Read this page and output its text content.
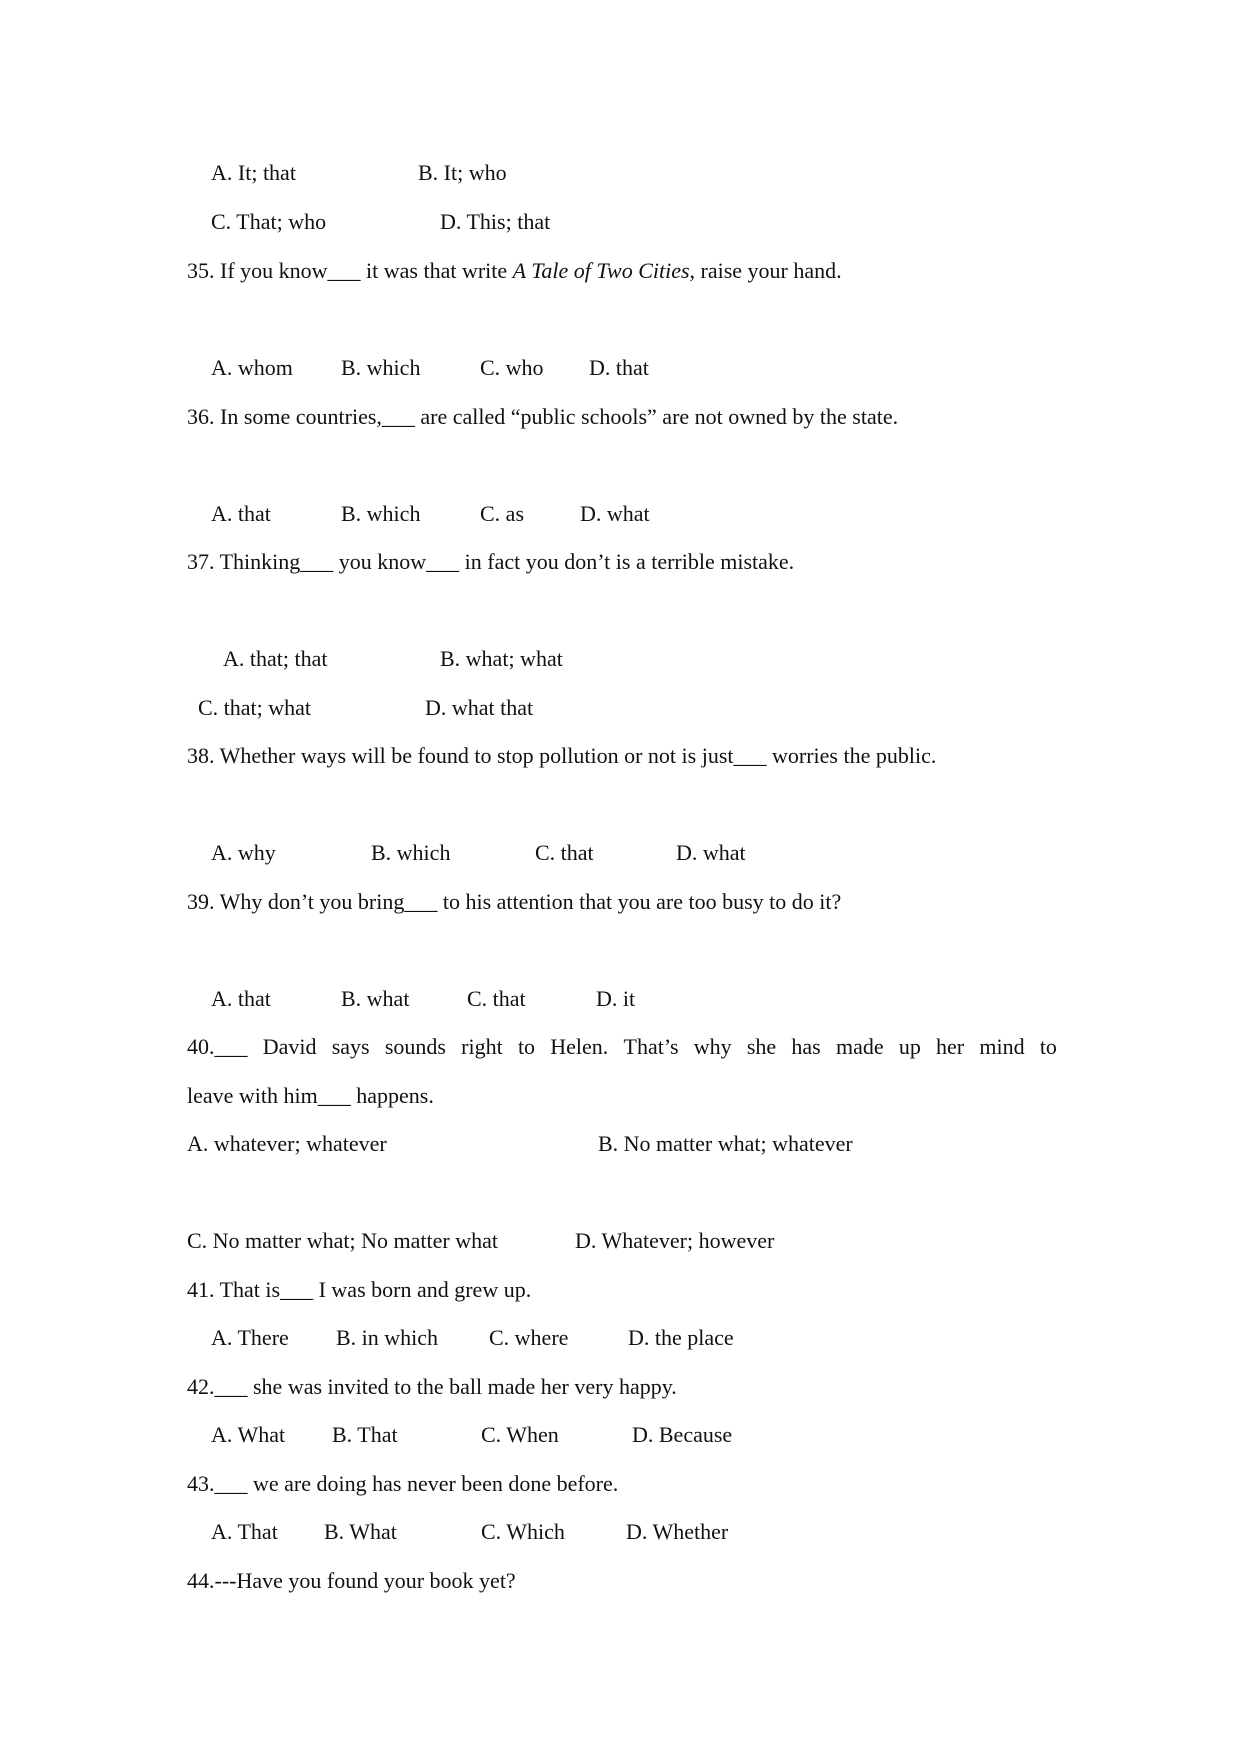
A. It; that	B. It; who
C. That; who	D. This; that
35. If you know___ it was that write A Tale of Two Cities, raise your hand.
A. whom B. which	C. who D. that
36. In some countries,___ are called “public schools” are not owned by the state.
A. that	B. which	C. as	D. what
37. Thinking___ you know___ in fact you don’t is a terrible mistake.
A. that; that	B. what; what
C. that; what	D. what that
38. Whether ways will be found to stop pollution or not is just___ worries the public.
A. why	B. which	C. that	D. what
39. Why don’t you bring___ to his attention that you are too busy to do it?
A. that	B. what	C. that	D. it
40.___ David says sounds right to Helen. That’s why she has made up her mind to
leave with him___ happens.
A. whatever; whatever	B. No matter what; whatever
C. No matter what; No matter what	D. Whatever; however
41. That is___ I was born and grew up.
A. There B. in which C. where	D. the place
42.___ she was invited to the ball made her very happy.
A. What B. That	C. When	D. Because
43.___ we are doing has never been done before.
A. That B. What	C. Which	D. Whether
44.---Have you found your book yet?
